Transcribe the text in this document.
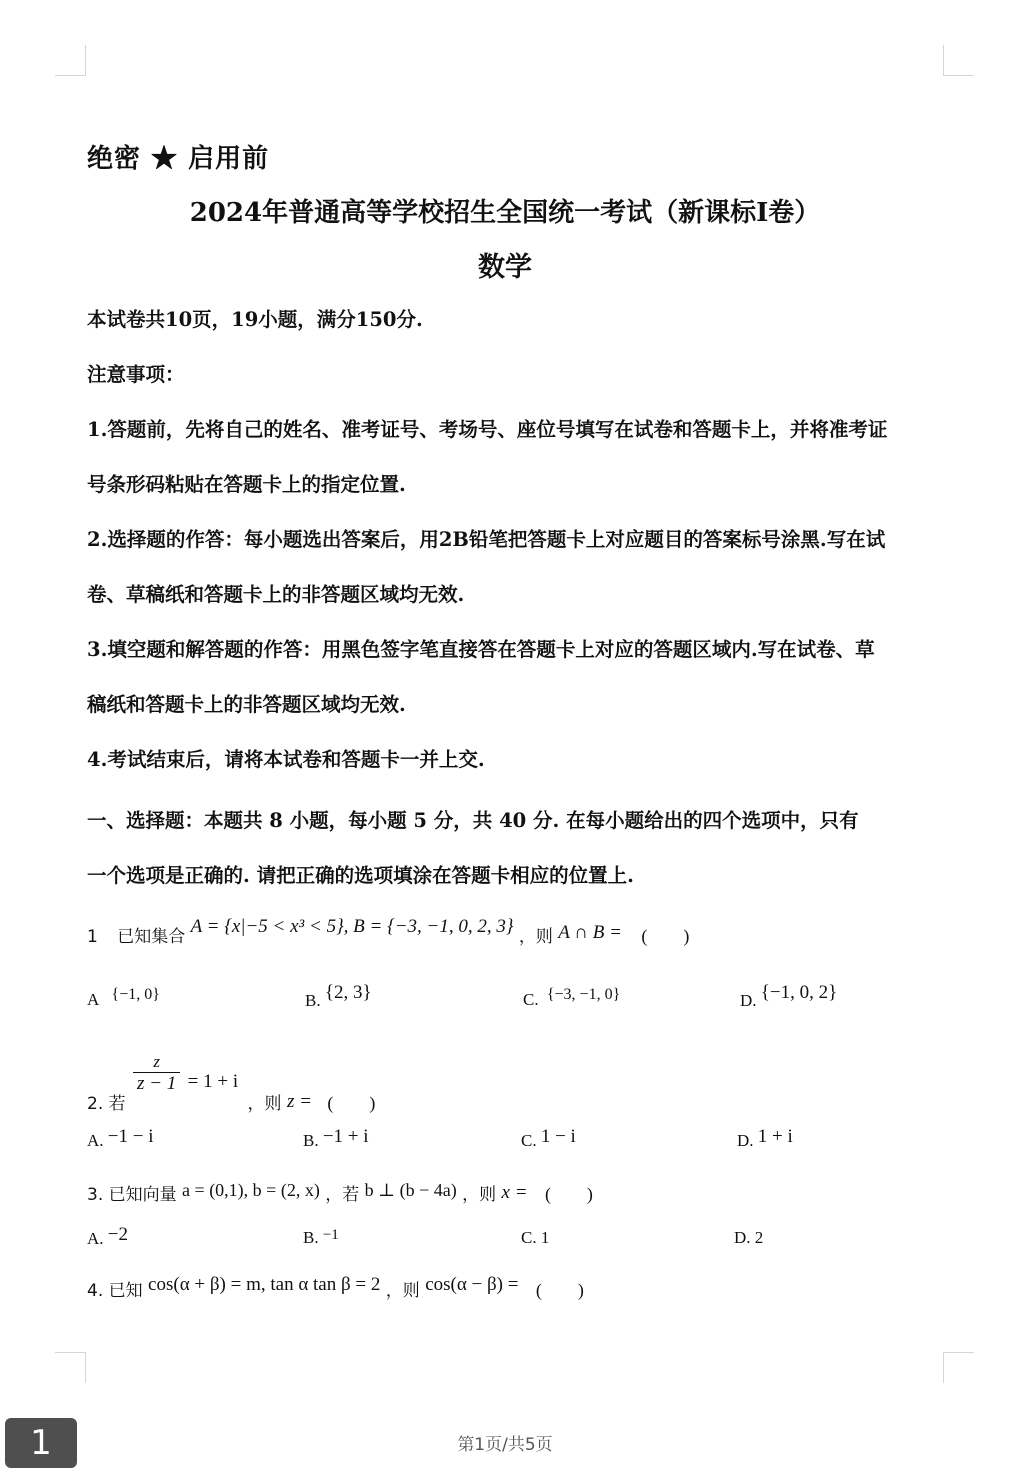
绝密 ★ 启用前
2024年普通高等学校招生全国统一考试（新课标I卷）
数学
本试卷共10页，19小题，满分150分.
注意事项：
1.答题前，先将自己的姓名、准考证号、考场号、座位号填写在试卷和答题卡上，并将准考证
号条形码粘贴在答题卡上的指定位置.
2.选择题的作答：每小题选出答案后，用2B铅笔把答题卡上对应题目的答案标号涂黑.写在试
卷、草稿纸和答题卡上的非答题区域均无效.
3.填空题和解答题的作答：用黑色签字笔直接答在答题卡上对应的答题区域内.写在试卷、草
稿纸和答题卡上的非答题区域均无效.
4.考试结束后，请将本试卷和答题卡一并上交.
一、选择题：本题共 8 小题，每小题 5 分，共 40 分. 在每小题给出的四个选项中，只有
一个选项是正确的. 请把正确的选项填涂在答题卡相应的位置上.
1 已知集合 A = {x|−5 < x³ < 5}, B = {−3, −1, 0, 2, 3} ，则 A ∩ B = (　　)
A {−1, 0}	B. {2, 3}	C. {−3, −1, 0}	D. {−1, 0, 2}
2. 若
$\frac{z}{z - 1} = 1 + i$ ，则 z = (　　)
A. −1 − i	B. −1 + i	C. 1 − i	D. 1 + i
3. 已知向量 a = (0,1), b = (2, x) ，若 b ⊥ (b − 4a) ，则 x = (　　)
A. −2	B. −1	C. 1	D. 2
4. 已知 cos(α + β) = m, tan α tan β = 2 ，则 cos(α − β) = (　　)
第1页/共5页
1
